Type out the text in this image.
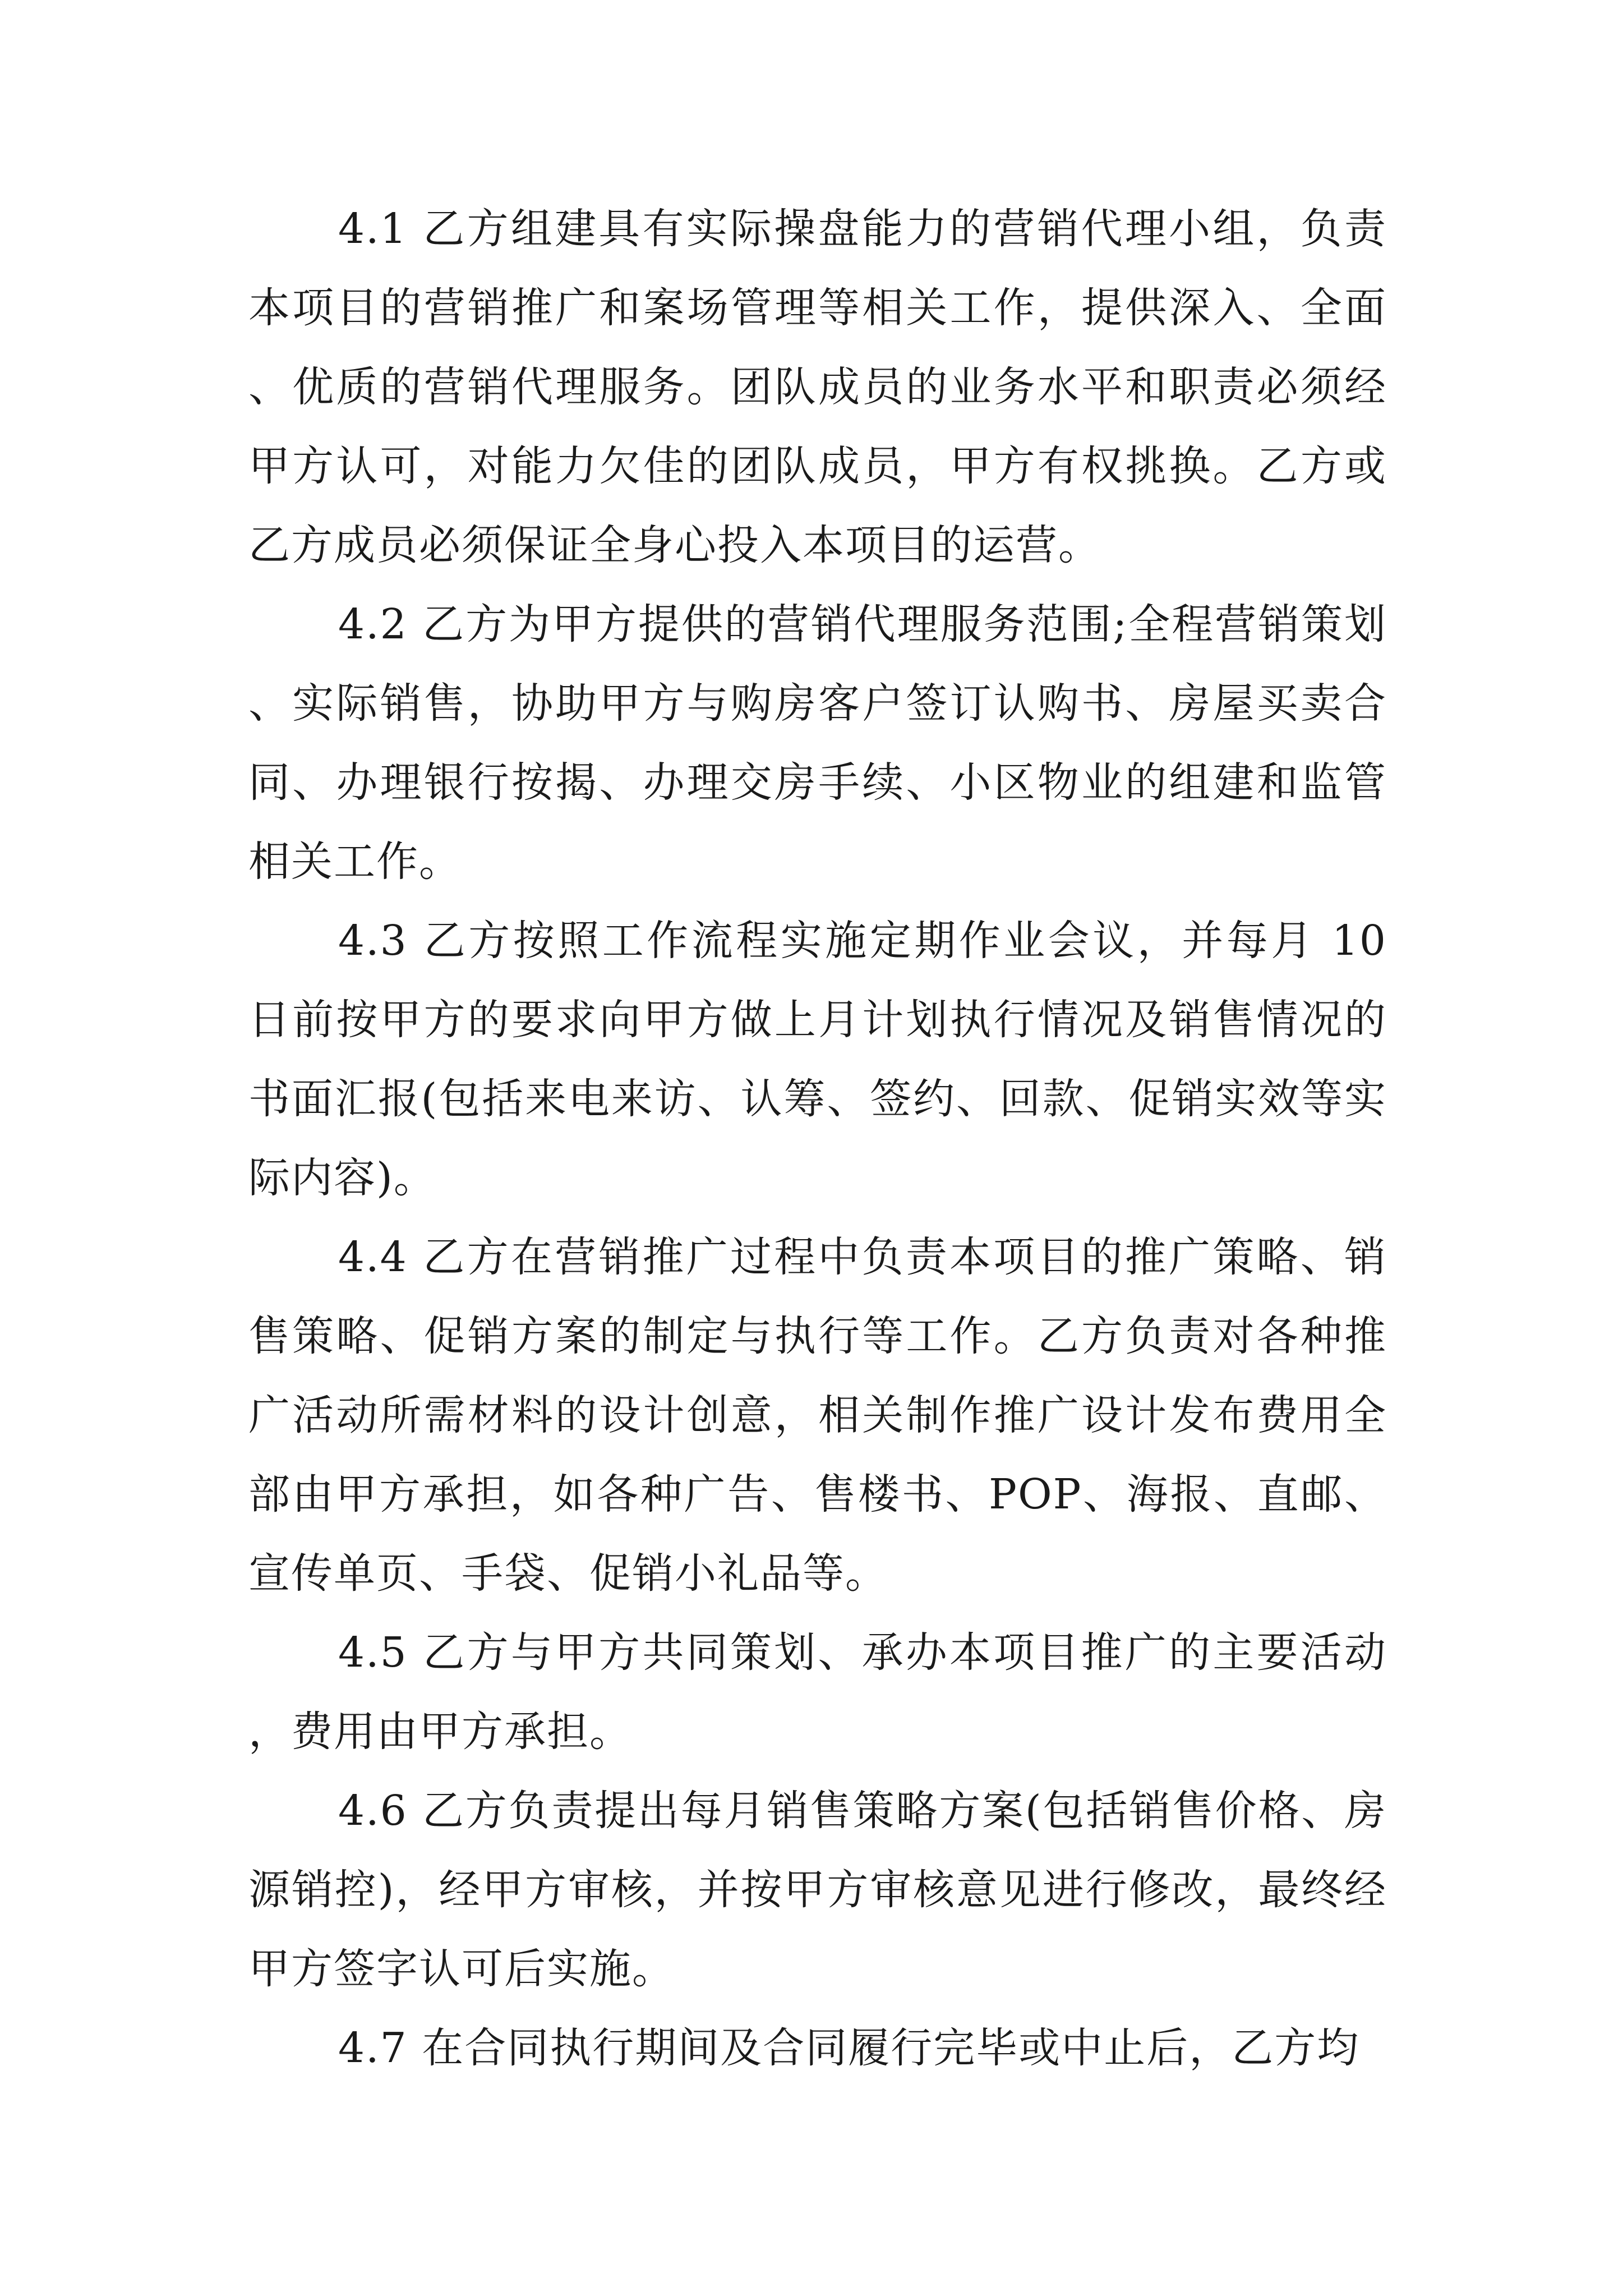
4.1 乙方组建具有实际操盘能力的营销代理小组，负责本项目的营销推广和案场管理等相关工作，提供深入、全面、优质的营销代理服务。团队成员的业务水平和职责必须经甲方认可，对能力欠佳的团队成员，甲方有权挑换。乙方或乙方成员必须保证全身心投入本项目的运营。

4.2 乙方为甲方提供的营销代理服务范围;全程营销策划、实际销售，协助甲方与购房客户签订认购书、房屋买卖合同、办理银行按揭、办理交房手续、小区物业的组建和监管相关工作。

4.3 乙方按照工作流程实施定期作业会议，并每月 10 日前按甲方的要求向甲方做上月计划执行情况及销售情况的书面汇报(包括来电来访、认筹、签约、回款、促销实效等实际内容)。

4.4 乙方在营销推广过程中负责本项目的推广策略、销售策略、促销方案的制定与执行等工作。乙方负责对各种推广活动所需材料的设计创意，相关制作推广设计发布费用全部由甲方承担，如各种广告、售楼书、POP、海报、直邮、宣传单页、手袋、促销小礼品等。

4.5 乙方与甲方共同策划、承办本项目推广的主要活动，费用由甲方承担。

4.6 乙方负责提出每月销售策略方案(包括销售价格、房源销控)，经甲方审核，并按甲方审核意见进行修改，最终经甲方签字认可后实施。

4.7 在合同执行期间及合同履行完毕或中止后，乙方均
